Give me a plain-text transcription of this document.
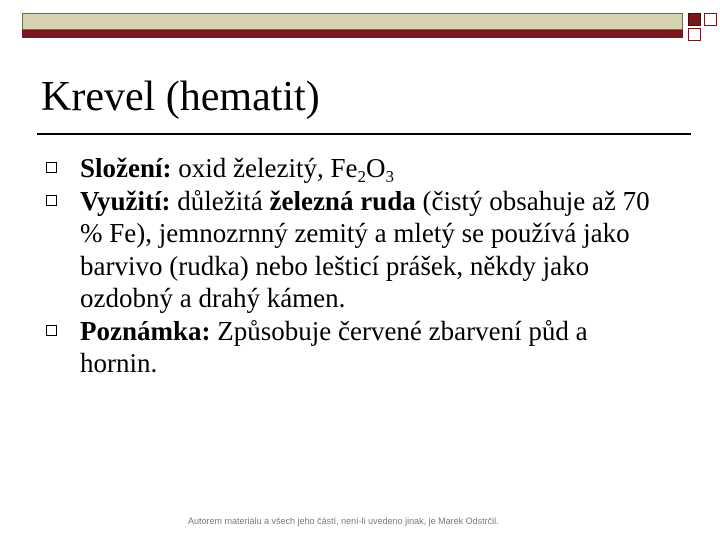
Krevel (hematit)
Složení: oxid železitý, $Fe_2O_3$
Využití: důležitá železná ruda (čistý obsahuje až 70 % Fe), jemnozrnný zemitý a mletý se používá jako barvivo (rudka) nebo lešticí prášek, někdy jako ozdobný a drahý kámen.
Poznámka: Způsobuje červené zbarvení půd a hornin.
Autorem materiálu a všech jeho částí, není-li uvedeno jinak, je Marek Odstrčil.
